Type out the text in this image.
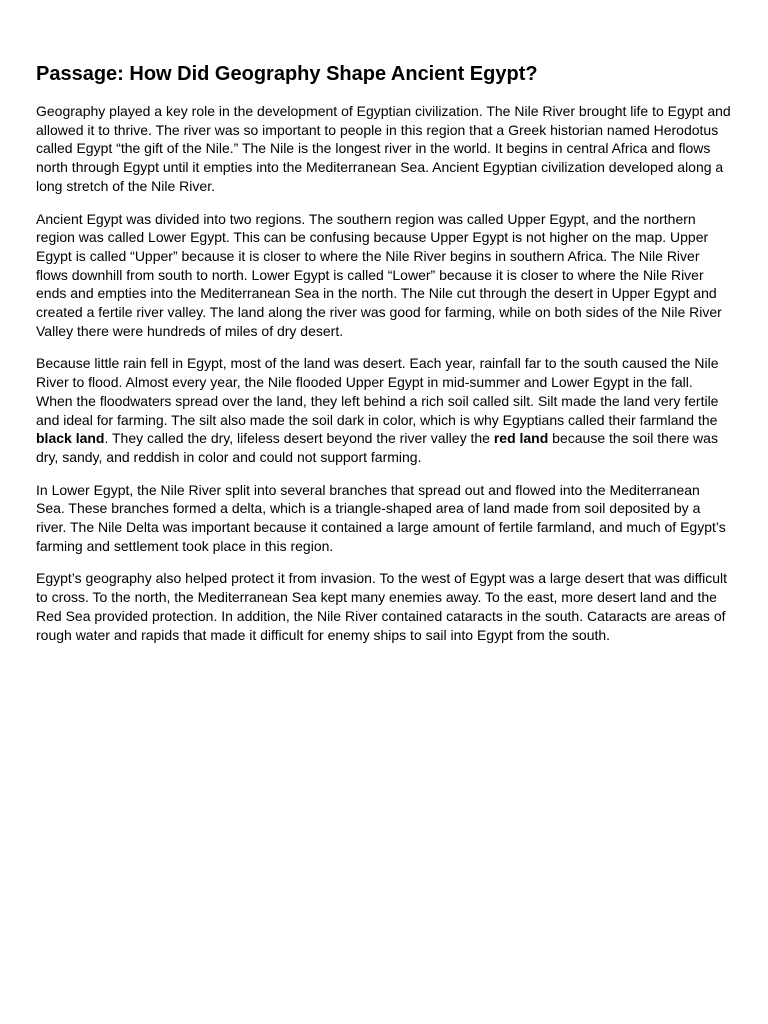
Passage: How Did Geography Shape Ancient Egypt?

Geography played a key role in the development of Egyptian civilization. The Nile River brought life to Egypt and allowed it to thrive. The river was so important to people in this region that a Greek historian named Herodotus called Egypt “the gift of the Nile.” The Nile is the longest river in the world. It begins in central Africa and flows north through Egypt until it empties into the Mediterranean Sea. Ancient Egyptian civilization developed along a long stretch of the Nile River.

Ancient Egypt was divided into two regions. The southern region was called Upper Egypt, and the northern region was called Lower Egypt. This can be confusing because Upper Egypt is not higher on the map. Upper Egypt is called “Upper” because it is closer to where the Nile River begins in southern Africa. The Nile River flows downhill from south to north. Lower Egypt is called “Lower” because it is closer to where the Nile River ends and empties into the Mediterranean Sea in the north. The Nile cut through the desert in Upper Egypt and created a fertile river valley. The land along the river was good for farming, while on both sides of the Nile River Valley there were hundreds of miles of dry desert.

Because little rain fell in Egypt, most of the land was desert. Each year, rainfall far to the south caused the Nile River to flood. Almost every year, the Nile flooded Upper Egypt in mid-summer and Lower Egypt in the fall. When the floodwaters spread over the land, they left behind a rich soil called silt. Silt made the land very fertile and ideal for farming. The silt also made the soil dark in color, which is why Egyptians called their farmland the black land. They called the dry, lifeless desert beyond the river valley the red land because the soil there was dry, sandy, and reddish in color and could not support farming.

In Lower Egypt, the Nile River split into several branches that spread out and flowed into the Mediterranean Sea. These branches formed a delta, which is a triangle-shaped area of land made from soil deposited by a river. The Nile Delta was important because it contained a large amount of fertile farmland, and much of Egypt’s farming and settlement took place in this region.

Egypt’s geography also helped protect it from invasion. To the west of Egypt was a large desert that was difficult to cross. To the north, the Mediterranean Sea kept many enemies away. To the east, more desert land and the Red Sea provided protection. In addition, the Nile River contained cataracts in the south. Cataracts are areas of rough water and rapids that made it difficult for enemy ships to sail into Egypt from the south.
